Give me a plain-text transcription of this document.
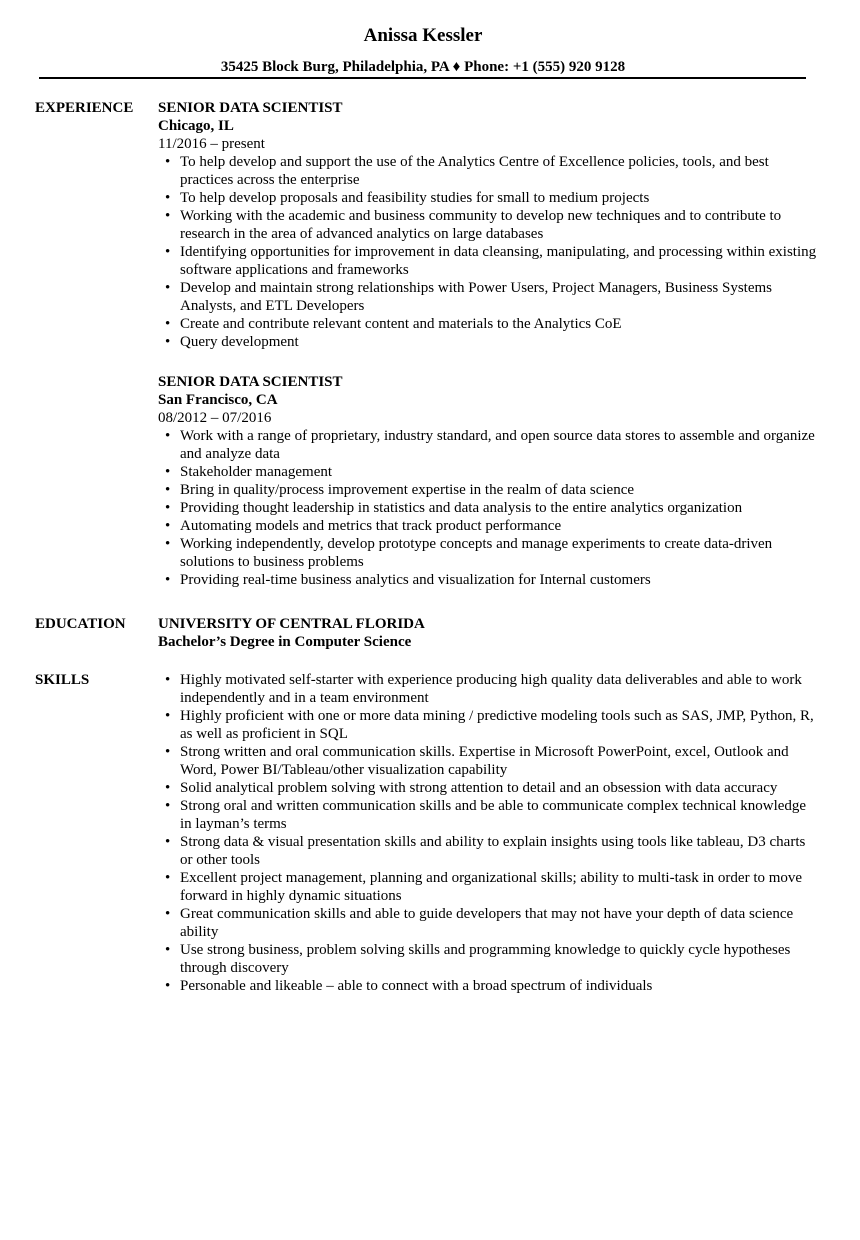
Anissa Kessler
35425 Block Burg, Philadelphia, PA ♦ Phone: +1 (555) 920 9128
EXPERIENCE SENIOR DATA SCIENTIST
Chicago, IL
11/2016 – present
• To help develop and support the use of the Analytics Centre of Excellence policies, tools, and best practices across the enterprise
• To help develop proposals and feasibility studies for small to medium projects
• Working with the academic and business community to develop new techniques and to contribute to research in the area of advanced analytics on large databases
• Identifying opportunities for improvement in data cleansing, manipulating, and processing within existing software applications and frameworks
• Develop and maintain strong relationships with Power Users, Project Managers, Business Systems Analysts, and ETL Developers
• Create and contribute relevant content and materials to the Analytics CoE
• Query development
SENIOR DATA SCIENTIST
San Francisco, CA
08/2012 – 07/2016
• Work with a range of proprietary, industry standard, and open source data stores to assemble and organize and analyze data
• Stakeholder management
• Bring in quality/process improvement expertise in the realm of data science
• Providing thought leadership in statistics and data analysis to the entire analytics organization
• Automating models and metrics that track product performance
• Working independently, develop prototype concepts and manage experiments to create data-driven solutions to business problems
• Providing real-time business analytics and visualization for Internal customers
EDUCATION UNIVERSITY OF CENTRAL FLORIDA
Bachelor’s Degree in Computer Science
SKILLS	• Highly motivated self-starter with experience producing high quality data deliverables and able to work independently and in a team environment
• Highly proficient with one or more data mining / predictive modeling tools such as SAS, JMP, Python, R, as well as proficient in SQL
• Strong written and oral communication skills. Expertise in Microsoft PowerPoint, excel, Outlook and Word, Power BI/Tableau/other visualization capability
• Solid analytical problem solving with strong attention to detail and an obsession with data accuracy
• Strong oral and written communication skills and be able to communicate complex technical knowledge in layman’s terms
• Strong data & visual presentation skills and ability to explain insights using tools like tableau, D3 charts or other tools
• Excellent project management, planning and organizational skills; ability to multi-task in order to move forward in highly dynamic situations
• Great communication skills and able to guide developers that may not have your depth of data science ability
• Use strong business, problem solving skills and programming knowledge to quickly cycle hypotheses through discovery
• Personable and likeable – able to connect with a broad spectrum of individuals
